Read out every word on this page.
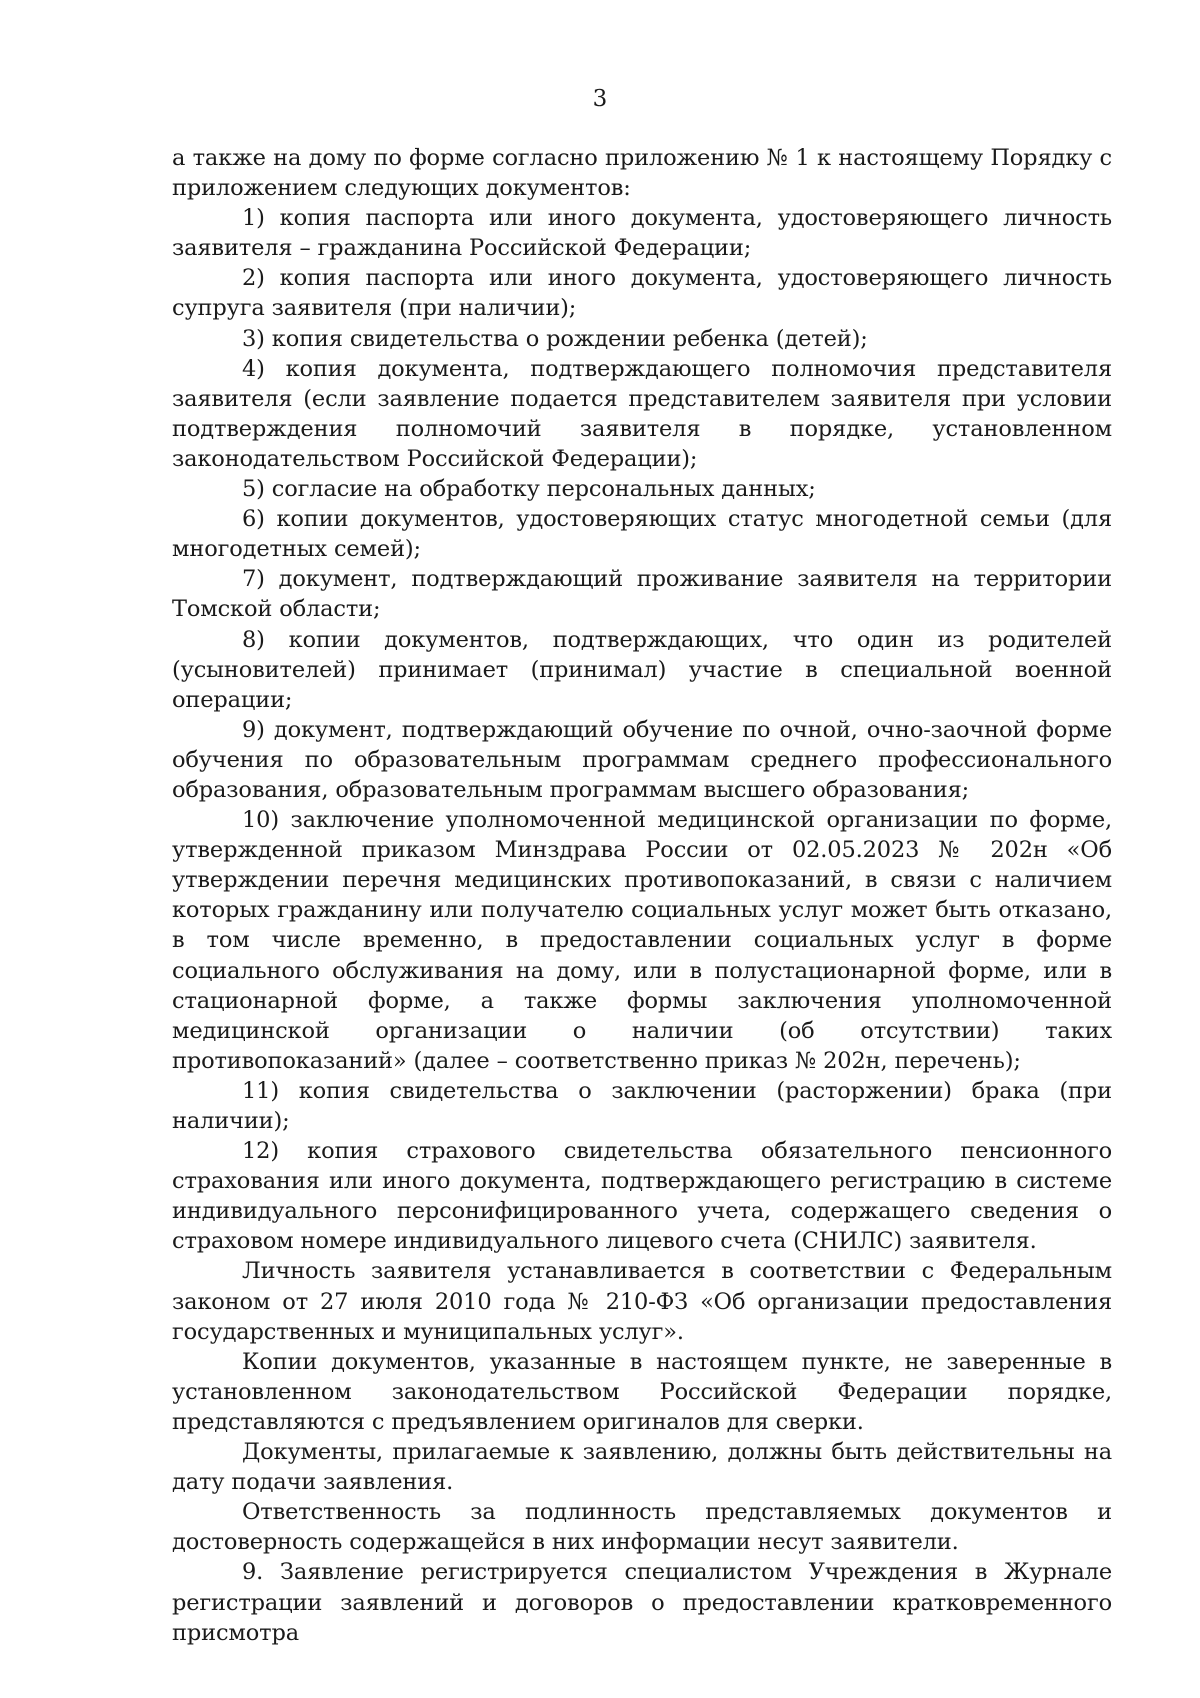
3

а также на дому по форме согласно приложению № 1 к настоящему Порядку с приложением следующих документов:

1) копия паспорта или иного документа, удостоверяющего личность заявителя – гражданина Российской Федерации;

2) копия паспорта или иного документа, удостоверяющего личность супруга заявителя (при наличии);

3) копия свидетельства о рождении ребенка (детей);

4) копия документа, подтверждающего полномочия представителя заявителя (если заявление подается представителем заявителя при условии подтверждения полномочий заявителя в порядке, установленном законодательством Российской Федерации);

5) согласие на обработку персональных данных;

6) копии документов, удостоверяющих статус многодетной семьи (для многодетных семей);

7) документ, подтверждающий проживание заявителя на территории Томской области;

8) копии документов, подтверждающих, что один из родителей (усыновителей) принимает (принимал) участие в специальной военной операции;

9) документ, подтверждающий обучение по очной, очно-заочной форме обучения по образовательным программам среднего профессионального образования, образовательным программам высшего образования;

10) заключение уполномоченной медицинской организации по форме, утвержденной приказом Минздрава России от 02.05.2023 № 202н «Об утверждении перечня медицинских противопоказаний, в связи с наличием которых гражданину или получателю социальных услуг может быть отказано, в том числе временно, в предоставлении социальных услуг в форме социального обслуживания на дому, или в полустационарной форме, или в стационарной форме, а также формы заключения уполномоченной медицинской организации о наличии (об отсутствии) таких противопоказаний» (далее – соответственно приказ № 202н, перечень);

11) копия свидетельства о заключении (расторжении) брака (при наличии);

12) копия страхового свидетельства обязательного пенсионного страхования или иного документа, подтверждающего регистрацию в системе индивидуального персонифицированного учета, содержащего сведения о страховом номере индивидуального лицевого счета (СНИЛС) заявителя.

Личность заявителя устанавливается в соответствии с Федеральным законом от 27 июля 2010 года № 210-ФЗ «Об организации предоставления государственных и муниципальных услуг».

Копии документов, указанные в настоящем пункте, не заверенные в установленном законодательством Российской Федерации порядке, представляются с предъявлением оригиналов для сверки.

Документы, прилагаемые к заявлению, должны быть действительны на дату подачи заявления.

Ответственность за подлинность представляемых документов и достоверность содержащейся в них информации несут заявители.

9. Заявление регистрируется специалистом Учреждения в Журнале регистрации заявлений и договоров о предоставлении кратковременного присмотра
